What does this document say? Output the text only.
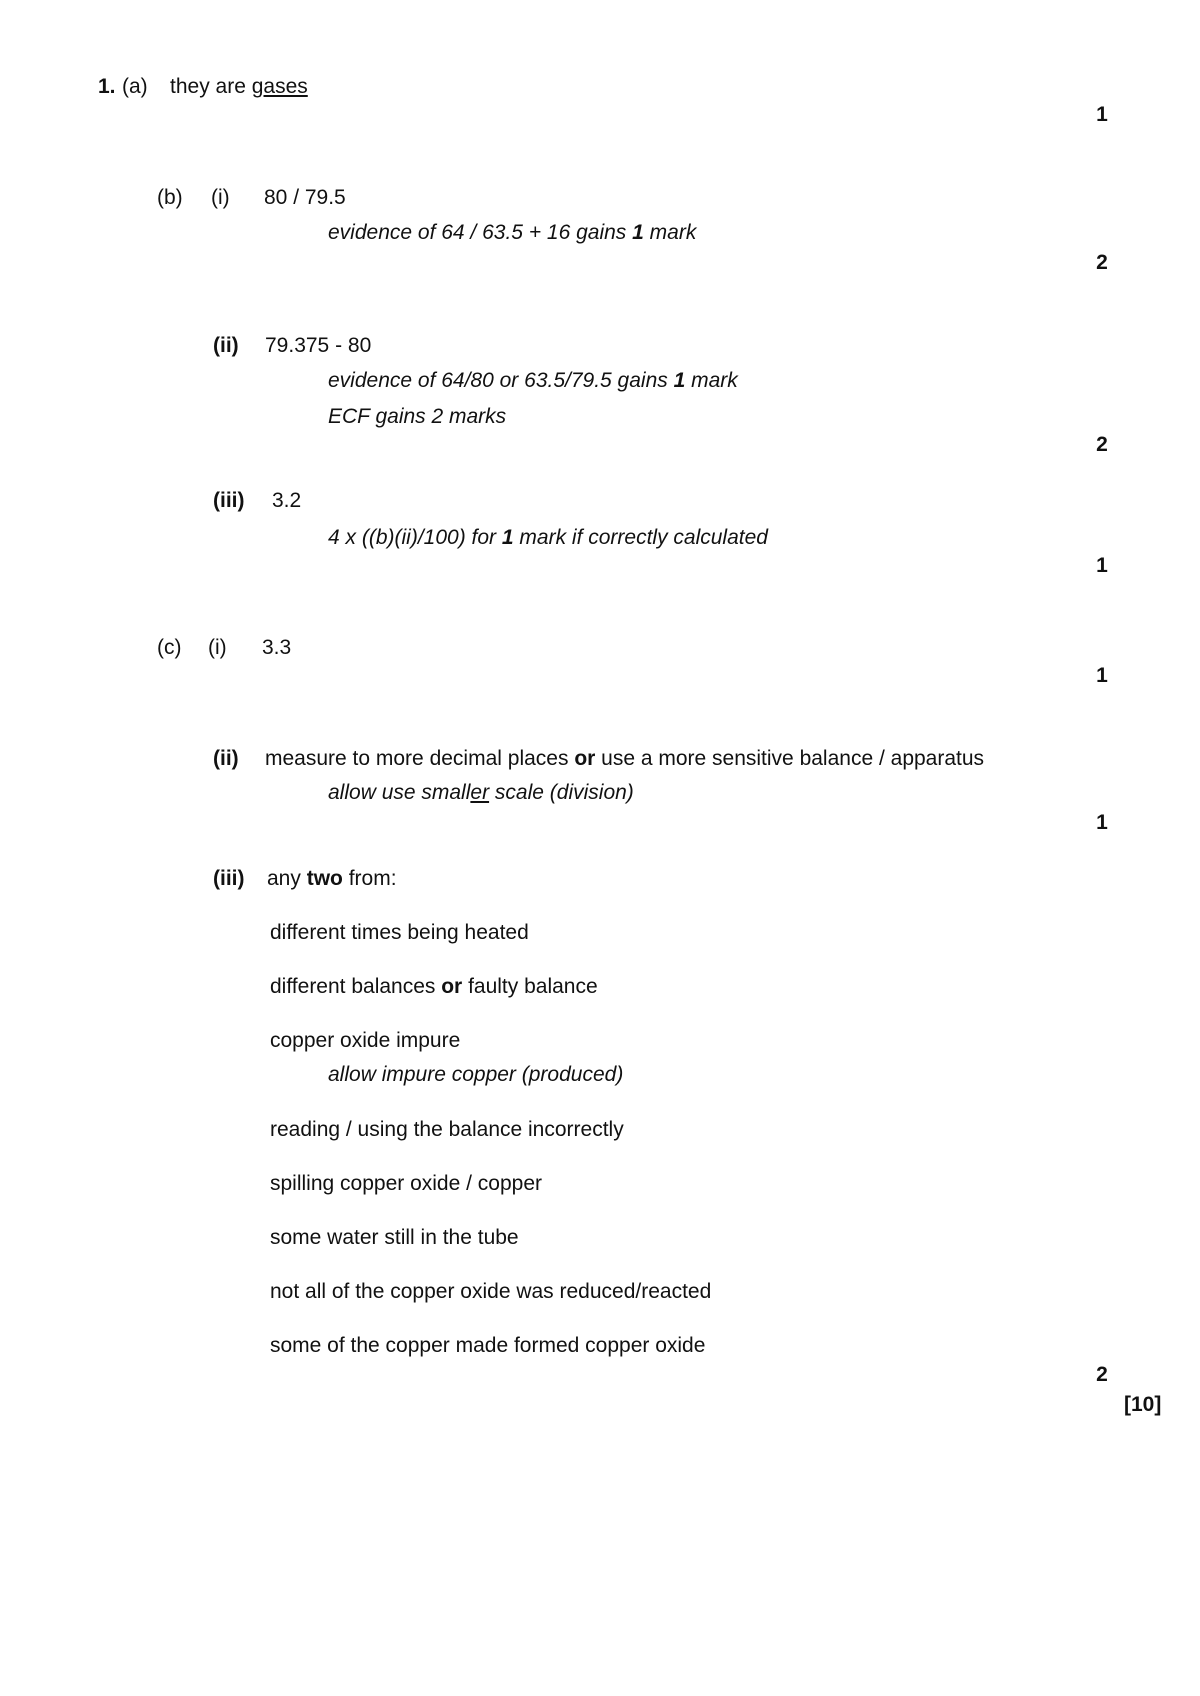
1. (a) they are gases
1
(b) (i) 80 / 79.5
evidence of 64 / 63.5 + 16 gains 1 mark
2
(ii) 79.375 - 80
evidence of 64/80 or 63.5/79.5 gains 1 mark
ECF gains 2 marks
2
(iii) 3.2
4 x ((b)(ii)/100) for 1 mark if correctly calculated
1
(c) (i) 3.3
1
(ii) measure to more decimal places or use a more sensitive balance / apparatus
allow use smaller scale (division)
1
(iii) any two from:
different times being heated
different balances or faulty balance
copper oxide impure
allow impure copper (produced)
reading / using the balance incorrectly
spilling copper oxide / copper
some water still in the tube
not all of the copper oxide was reduced/reacted
some of the copper made formed copper oxide
2
[10]
